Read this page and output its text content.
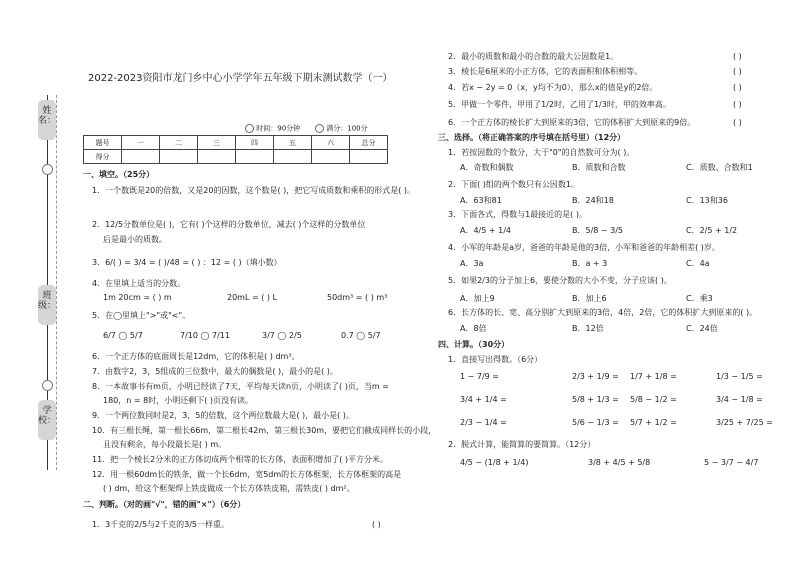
姓名：
班级：
学校：
2022-2023资阳市龙门乡中心小学学年五年级下期末测试数学（一）
时间：90分钟	满分：100分
题号	一	二	三	四	五	六	总分
得分							
一、填空。（25分）
1．一个数既是20的倍数，又是20的因数，这个数是( )，把它写成质数和乘积的形式是( )。
2．12/5分数单位是( )，它有( )个这样的分数单位，减去( )个这样的分数单位
后是最小的质数。
3．6/( ) = 3/4 = ( )/48 = ( ) ：12 = ( )（填小数）
4．在里填上适当的分数。
1m 20cm = ( ) m	20mL = ( ) L	50dm³ = ( ) m³
5．在◯里填上">"或"<"。
6/7 ◯ 5/7	7/10 ◯ 7/11	3/7 ◯ 2/5	0.7 ◯ 5/7
6．一个正方体的底面周长是12dm，它的体积是( ) dm³。
7．由数字2，3，5组成的三位数中，最大的偶数是( )，最小的是( )。
8．一本故事书有m页，小明已经读了7天，平均每天读n页，小明读了( )页，当m =
180，n = 8时，小明还剩下( )页没有读。
9．一个两位数同时是2，3，5的倍数，这个两位数最大是( )，最小是( )。
10．有三根长绳，第一根长66m，第二根长42m，第三根长30m，要把它们截成同样长的小段，
且没有剩余，每小段最长是( ) m。
11．把一个棱长2分米的正方体切成两个相等的长方体，表面积增加了( )平方分米。
12．用一根60dm长的铁条，做一个长6dm，宽5dm的长方体框架，长方体框架的高是
( ) dm，给这个框架焊上铁皮做成一个长方体铁皮箱，需铁皮( ) dm²。
二、判断。（对的画"√"，错的画"×"）（6分）
1．3千克的2/5与2千克的3/5一样重。	( )
2．最小的质数和最小的合数的最大公因数是1。	( )
3．棱长是6厘米的小正方体，它的表面积和体积相等。	( )
4．若x − 2y = 0（x，y均不为0），那么x的值是y的2倍。	( )
5．甲做一个零件，甲用了1/2时，乙用了1/3时，甲的效率高。	( )
6．一个正方体的棱长扩大到原来的3倍，它的体积扩大到原来的9倍。	( )
三、选择。（将正确答案的序号填在括号里）（12分）
1．若按因数的个数分，大于"0"的自然数可分为( )。
A．奇数和偶数	B．质数和合数	C．质数、合数和1
2．下面( )组的两个数只有公因数1。
A．63和81	B．24和18	C．13和36
3．下面各式，得数与1最接近的是( )。
A．4/5 + 1/4	B．5/8 − 3/5	C．2/5 + 1/2
4．小军的年龄是a岁，爸爸的年龄是他的3倍，小军和爸爸的年龄相差( )岁。
A．3a	B．a + 3	C．4a
5．如果2/3的分子加上6，要使分数的大小不变，分子应该( )。
A．加上9	B．加上6	C．乘3
6．长方体的长、宽、高分别扩大到原来的3倍，4倍，2倍，它的体积扩大到原来的( )。
A．8倍	B．12倍	C．24倍
四、计算。（30分）
1．直接写出得数。（6分）
1 − 7/9 =	2/3 + 1/9 = 1/7 + 1/8 =	1/3 − 1/5 =
3/4 + 1/4 =	5/8 + 1/3 = 5/8 − 1/2 =	3/4 − 1/8 =
2/3 − 1/4 =	5/6 − 1/3 = 5/7 + 1/2 =	3/25 + 7/25 =
2．脱式计算，能简算的要简算。（12分）
4/5 − (1/8 + 1/4)	3/8 + 4/5 + 5/8	5 − 3/7 − 4/7
